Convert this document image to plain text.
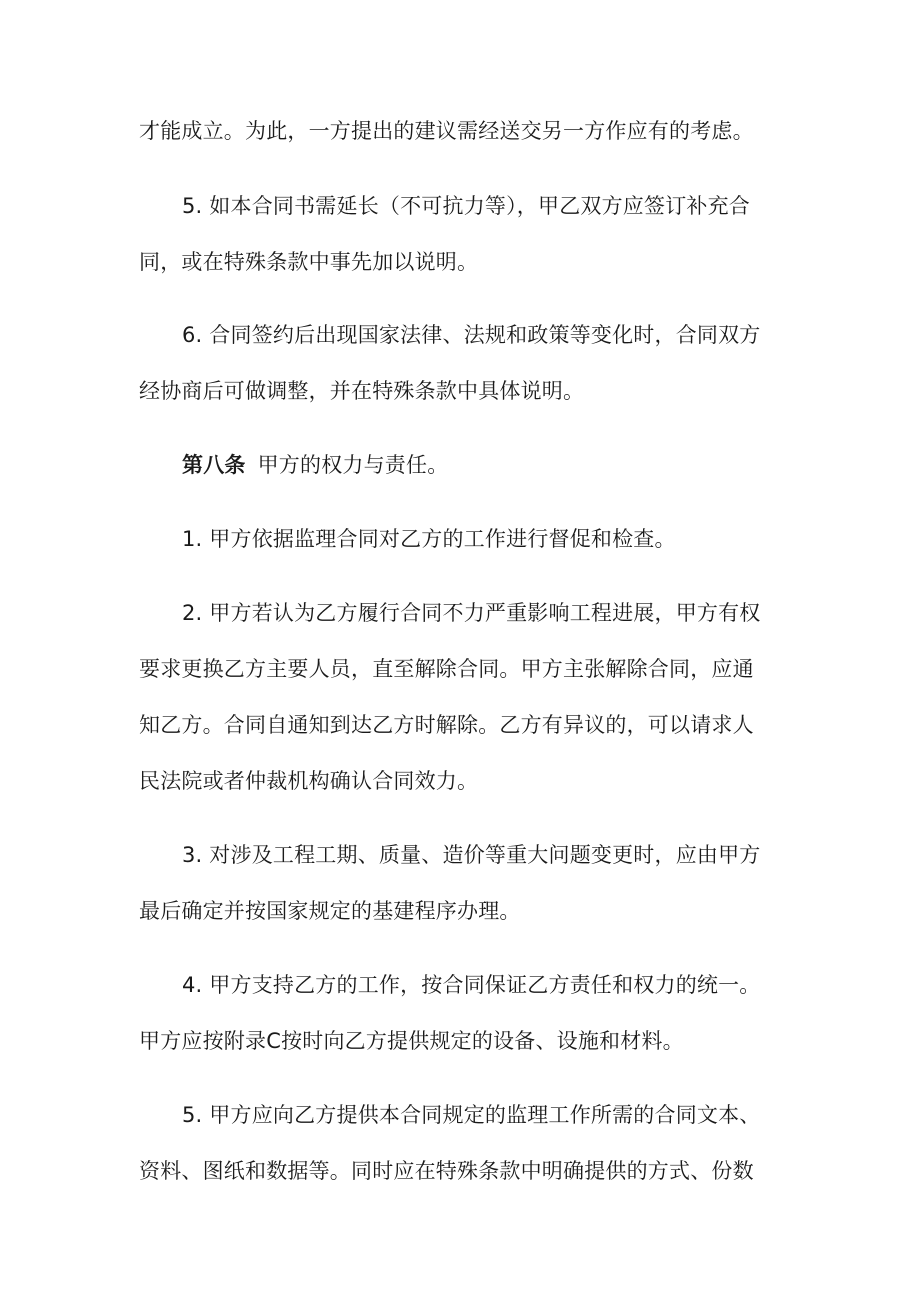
才能成立。为此，一方提出的建议需经送交另一方作应有的考虑。
5. 如本合同书需延长（不可抗力等），甲乙双方应签订补充合
同，或在特殊条款中事先加以说明。
6. 合同签约后出现国家法律、法规和政策等变化时，合同双方
经协商后可做调整，并在特殊条款中具体说明。
第八条 甲方的权力与责任。
1. 甲方依据监理合同对乙方的工作进行督促和检查。
2. 甲方若认为乙方履行合同不力严重影响工程进展，甲方有权
要求更换乙方主要人员，直至解除合同。甲方主张解除合同，应通
知乙方。合同自通知到达乙方时解除。乙方有异议的，可以请求人
民法院或者仲裁机构确认合同效力。
3. 对涉及工程工期、质量、造价等重大问题变更时，应由甲方
最后确定并按国家规定的基建程序办理。
4. 甲方支持乙方的工作，按合同保证乙方责任和权力的统一。
甲方应按附录C按时向乙方提供规定的设备、设施和材料。
5. 甲方应向乙方提供本合同规定的监理工作所需的合同文本、
资料、图纸和数据等。同时应在特殊条款中明确提供的方式、份数
